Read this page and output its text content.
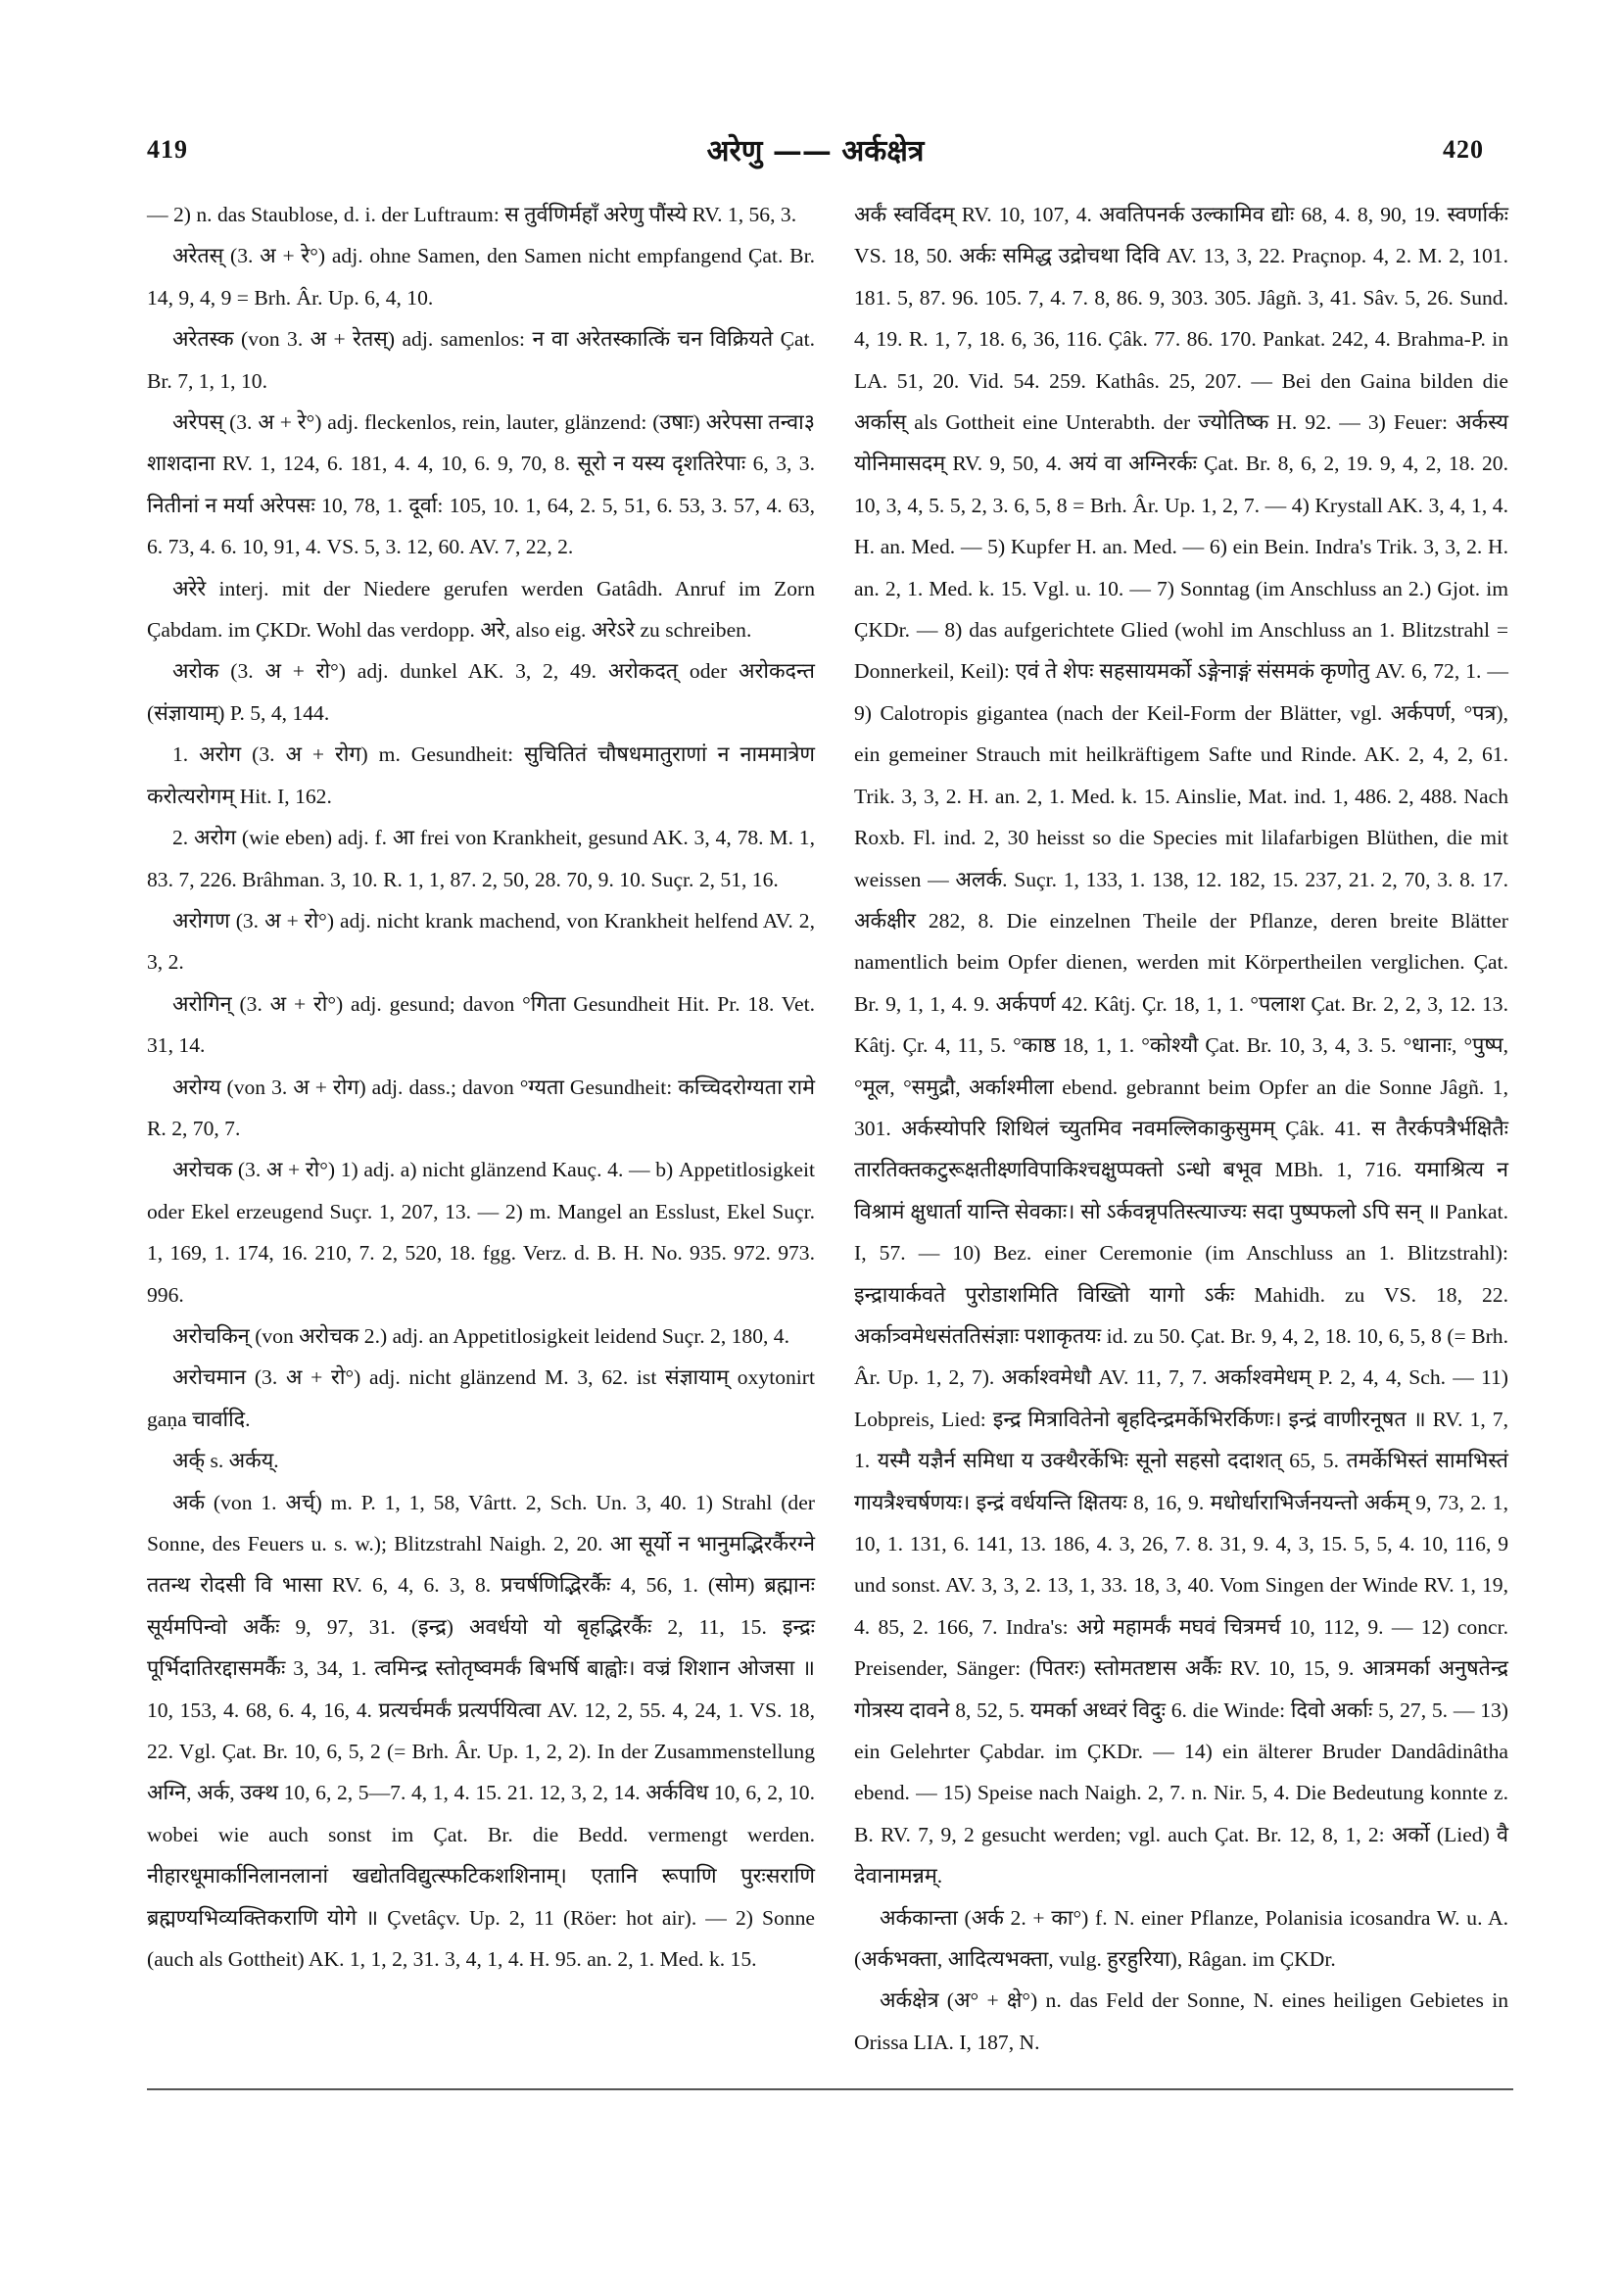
419	अरेणु —— अर्कक्षेत्र	420

— 2) n. das Staublose, d. i. der Luftraum: स तुर्वणिर्महाँ अरेणु पौंस्ये RV. 1, 56, 3.

अरेतस् (3. अ + रे°) adj. ohne Samen, den Samen nicht empfangend Çat. Br. 14, 9, 4, 9 = Brh. Âr. Up. 6, 4, 10.

अरेतस्क (von 3. अ + रेतस्) adj. samenlos: न वा अरेतस्कात्किं चन विक्रियते Çat. Br. 7, 1, 1, 10.

अरेपस् (3. अ + रे°) adj. fleckenlos, rein, lauter, glänzend: (उषाः) अरेपसा तन्वा३ शाशदाना RV. 1, 124, 6. 181, 4. 4, 10, 6. 9, 70, 8. सूरो न यस्य दृशतिरेपाः 6, 3, 3. नितीनां न मर्या अरेपसः 10, 78, 1. दूर्वा: 105, 10. 1, 64, 2. 5, 51, 6. 53, 3. 57, 4. 63, 6. 73, 4. 6. 10, 91, 4. VS. 5, 3. 12, 60. AV. 7, 22, 2.

अरेरे interj. mit der Niedere gerufen werden Gatâdh. Anruf im Zorn Çabdam. im ÇKDr. Wohl das verdopp. अरे, also eig. अरेऽरे zu schreiben.

अरोक (3. अ + रो°) adj. dunkel AK. 3, 2, 49. अरोकदत् oder अरोकदन्त (संज्ञायाम्) P. 5, 4, 144.

1. अरोग (3. अ + रोग) m. Gesundheit: सुचितितं चौषधमातुराणां न नाममात्रेण करोत्यरोगम् Hit. I, 162.

2. अरोग (wie eben) adj. f. आ frei von Krankheit, gesund AK. 3, 4, 78. M. 1, 83. 7, 226. Brâhman. 3, 10. R. 1, 1, 87. 2, 50, 28. 70, 9. 10. Suçr. 2, 51, 16.

अरोगण (3. अ + रो°) adj. nicht krank machend, von Krankheit helfend AV. 2, 3, 2.

अरोगिन् (3. अ + रो°) adj. gesund; davon °गिता Gesundheit Hit. Pr. 18. Vet. 31, 14.

अरोग्य (von 3. अ + रोग) adj. dass.; davon °ग्यता Gesundheit: कच्चिदरोग्यता रामे R. 2, 70, 7.

अरोचक (3. अ + रो°) 1) adj. a) nicht glänzend Kauç. 4. — b) Appetitlosigkeit oder Ekel erzeugend Suçr. 1, 207, 13. — 2) m. Mangel an Esslust, Ekel Suçr. 1, 169, 1. 174, 16. 210, 7. 2, 520, 18. fgg. Verz. d. B. H. No. 935. 972. 973. 996.

अरोचकिन् (von अरोचक 2.) adj. an Appetitlosigkeit leidend Suçr. 2, 180, 4.

अरोचमान (3. अ + रो°) adj. nicht glänzend M. 3, 62. ist संज्ञायाम् oxytonirt gaṇa चार्वादि.

अर्क् s. अर्कय्.

अर्क (von 1. अर्च्) m. P. 1, 1, 58, Vârtt. 2, Sch. Un. 3, 40. 1) Strahl (der Sonne, des Feuers u. s. w.); Blitzstrahl Naigh. 2, 20. आ सूर्यो न भानुमद्भिरर्कैरग्ने ततन्थ रोदसी वि भासा RV. 6, 4, 6. 3, 8. प्रचर्षणिद्भिरर्कैः 4, 56, 1. (सोम) ब्रह्मानः सूर्यमपिन्वो अर्कैः 9, 97, 31. (इन्द्र) अवर्धयो यो बृहद्भिरर्कैः 2, 11, 15. इन्द्रः पूर्भिदातिरद्दासमर्कैः 3, 34, 1. त्वमिन्द्र स्तोतृष्वमर्कं बिभर्षि बाह्वोः। वज्रं शिशान ओजसा ॥ 10, 153, 4. 68, 6. 4, 16, 4. प्रत्यर्चमर्कं प्रत्यर्पयित्वा AV. 12, 2, 55. 4, 24, 1. VS. 18, 22. Vgl. Çat. Br. 10, 6, 5, 2 (= Brh. Âr. Up. 1, 2, 2). In der Zusammenstellung अग्नि, अर्क, उक्थ 10, 6, 2, 5—7. 4, 1, 4. 15. 21. 12, 3, 2, 14. अर्कविध 10, 6, 2, 10. wobei wie auch sonst im Çat. Br. die Bedd. vermengt werden. नीहारधूमार्कानिलानलानां खद्योतविद्युत्स्फटिकशशिनाम्। एतानि रूपाणि पुरःसराणि ब्रह्मण्यभिव्यक्तिकराणि योगे ॥ Çvetâçv. Up. 2, 11 (Röer: hot air). — 2) Sonne (auch als Gottheit) AK. 1, 1, 2, 31. 3, 4, 1, 4. H. 95. an. 2, 1. Med. k. 15.

अर्कं स्वर्विदम् RV. 10, 107, 4. अवतिपनर्क उल्कामिव द्योः 68, 4. 8, 90, 19. स्वर्णार्कः VS. 18, 50. अर्कः समिद्ध उद्रोचथा दिवि AV. 13, 3, 22. Praçnop. 4, 2. M. 2, 101. 181. 5, 87. 96. 105. 7, 4. 7. 8, 86. 9, 303. 305. Jâgñ. 3, 41. Sâv. 5, 26. Sund. 4, 19. R. 1, 7, 18. 6, 36, 116. Çâk. 77. 86. 170. Pankat. 242, 4. Brahma-P. in LA. 51, 20. Vid. 54. 259. Kathâs. 25, 207. — Bei den Gaina bilden die अर्कास् als Gottheit eine Unterabth. der ज्योतिष्क H. 92. — 3) Feuer: अर्कस्य योनिमासदम् RV. 9, 50, 4. अयं वा अग्निरर्कः Çat. Br. 8, 6, 2, 19. 9, 4, 2, 18. 20. 10, 3, 4, 5. 5, 2, 3. 6, 5, 8 = Brh. Âr. Up. 1, 2, 7. — 4) Krystall AK. 3, 4, 1, 4. H. an. Med. — 5) Kupfer H. an. Med. — 6) ein Bein. Indra's Trik. 3, 3, 2. H. an. 2, 1. Med. k. 15. Vgl. u. 10. — 7) Sonntag (im Anschluss an 2.) Gjot. im ÇKDr. — 8) das aufgerichtete Glied (wohl im Anschluss an 1. Blitzstrahl = Donnerkeil, Keil): एवं ते शेपः सहसायमर्को ऽङ्गेनाङ्गं संसमकं कृणोतु AV. 6, 72, 1. — 9) Calotropis gigantea (nach der Keil-Form der Blätter, vgl. अर्कपर्ण, °पत्र), ein gemeiner Strauch mit heilkräftigem Safte und Rinde. AK. 2, 4, 2, 61. Trik. 3, 3, 2. H. an. 2, 1. Med. k. 15. Ainslie, Mat. ind. 1, 486. 2, 488. Nach Roxb. Fl. ind. 2, 30 heisst so die Species mit lilafarbigen Blüthen, die mit weissen — अलर्क. Suçr. 1, 133, 1. 138, 12. 182, 15. 237, 21. 2, 70, 3. 8. 17. अर्कक्षीर 282, 8. Die einzelnen Theile der Pflanze, deren breite Blätter namentlich beim Opfer dienen, werden mit Körpertheilen verglichen. Çat. Br. 9, 1, 1, 4. 9. अर्कपर्ण 42. Kâtj. Çr. 18, 1, 1. °पलाश Çat. Br. 2, 2, 3, 12. 13. Kâtj. Çr. 4, 11, 5. °काष्ठ 18, 1, 1. °कोश्यौ Çat. Br. 10, 3, 4, 3. 5. °धानाः, °पुष्प, °मूल, °समुद्रौ, अर्काश्मीला ebend. gebrannt beim Opfer an die Sonne Jâgñ. 1, 301. अर्कस्योपरि शिथिलं च्युतमिव नवमल्लिकाकुसुमम् Çâk. 41. स तैरर्कपत्रैर्भक्षितैः तारतिक्तकटुरूक्षतीक्ष्णविपाकिश्चक्षुप्पक्तो ऽन्धो बभूव MBh. 1, 716. यमाश्रित्य न विश्रामं क्षुधार्ता यान्ति सेवकाः। सो ऽर्कवन्नृपतिस्त्याज्यः सदा पुष्पफलो ऽपि सन् ॥ Pankat. I, 57. — 10) Bez. einer Ceremonie (im Anschluss an 1. Blitzstrahl): इन्द्रायार्कवते पुरोडाशमिति विख्तिो यागो ऽर्कः Mahidh. zu VS. 18, 22. अर्कात्र्वमेधसंततिसंज्ञाः पशाकृतयः id. zu 50. Çat. Br. 9, 4, 2, 18. 10, 6, 5, 8 (= Brh. Âr. Up. 1, 2, 7). अर्काश्वमेधौ AV. 11, 7, 7. अर्काश्वमेधम् P. 2, 4, 4, Sch. — 11) Lobpreis, Lied: इन्द्र मित्रावितेनो बृहदिन्द्रमर्केभिरर्किणः। इन्द्रं वाणीरनूषत ॥ RV. 1, 7, 1. यस्मै यज्ञैर्न समिधा य उक्थैरर्केभिः सूनो सहसो ददाशत् 65, 5. तमर्केभिस्तं सामभिस्तं गायत्रैश्चर्षणयः। इन्द्रं वर्धयन्ति क्षितयः 8, 16, 9. मधोर्धाराभिर्जनयन्तो अर्कम् 9, 73, 2. 1, 10, 1. 131, 6. 141, 13. 186, 4. 3, 26, 7. 8. 31, 9. 4, 3, 15. 5, 5, 4. 10, 116, 9 und sonst. AV. 3, 3, 2. 13, 1, 33. 18, 3, 40. Vom Singen der Winde RV. 1, 19, 4. 85, 2. 166, 7. Indra's: अग्रे महामर्कं मघवं चित्रमर्च 10, 112, 9. — 12) concr. Preisender, Sänger: (पितरः) स्तोमतष्टास अर्कैः RV. 10, 15, 9. आत्रमर्का अनुषतेन्द्र गोत्रस्य दावने 8, 52, 5. यमर्का अध्वरं विदुः 6. die Winde: दिवो अर्काः 5, 27, 5. — 13) ein Gelehrter Çabdar. im ÇKDr. — 14) ein älterer Bruder Dandâdinâtha ebend. — 15) Speise nach Naigh. 2, 7. n. Nir. 5, 4. Die Bedeutung konnte z. B. RV. 7, 9, 2 gesucht werden; vgl. auch Çat. Br. 12, 8, 1, 2: अर्को (Lied) वै देवानामन्नम्.

अर्ककान्ता (अर्क 2. + का°) f. N. einer Pflanze, Polanisia icosandra W. u. A. (अर्कभक्ता, आदित्यभक्ता, vulg. हुरहुरिया), Râgan. im ÇKDr.

अर्कक्षेत्र (अ° + क्षे°) n. das Feld der Sonne, N. eines heiligen Gebietes in Orissa LIA. I, 187, N.
